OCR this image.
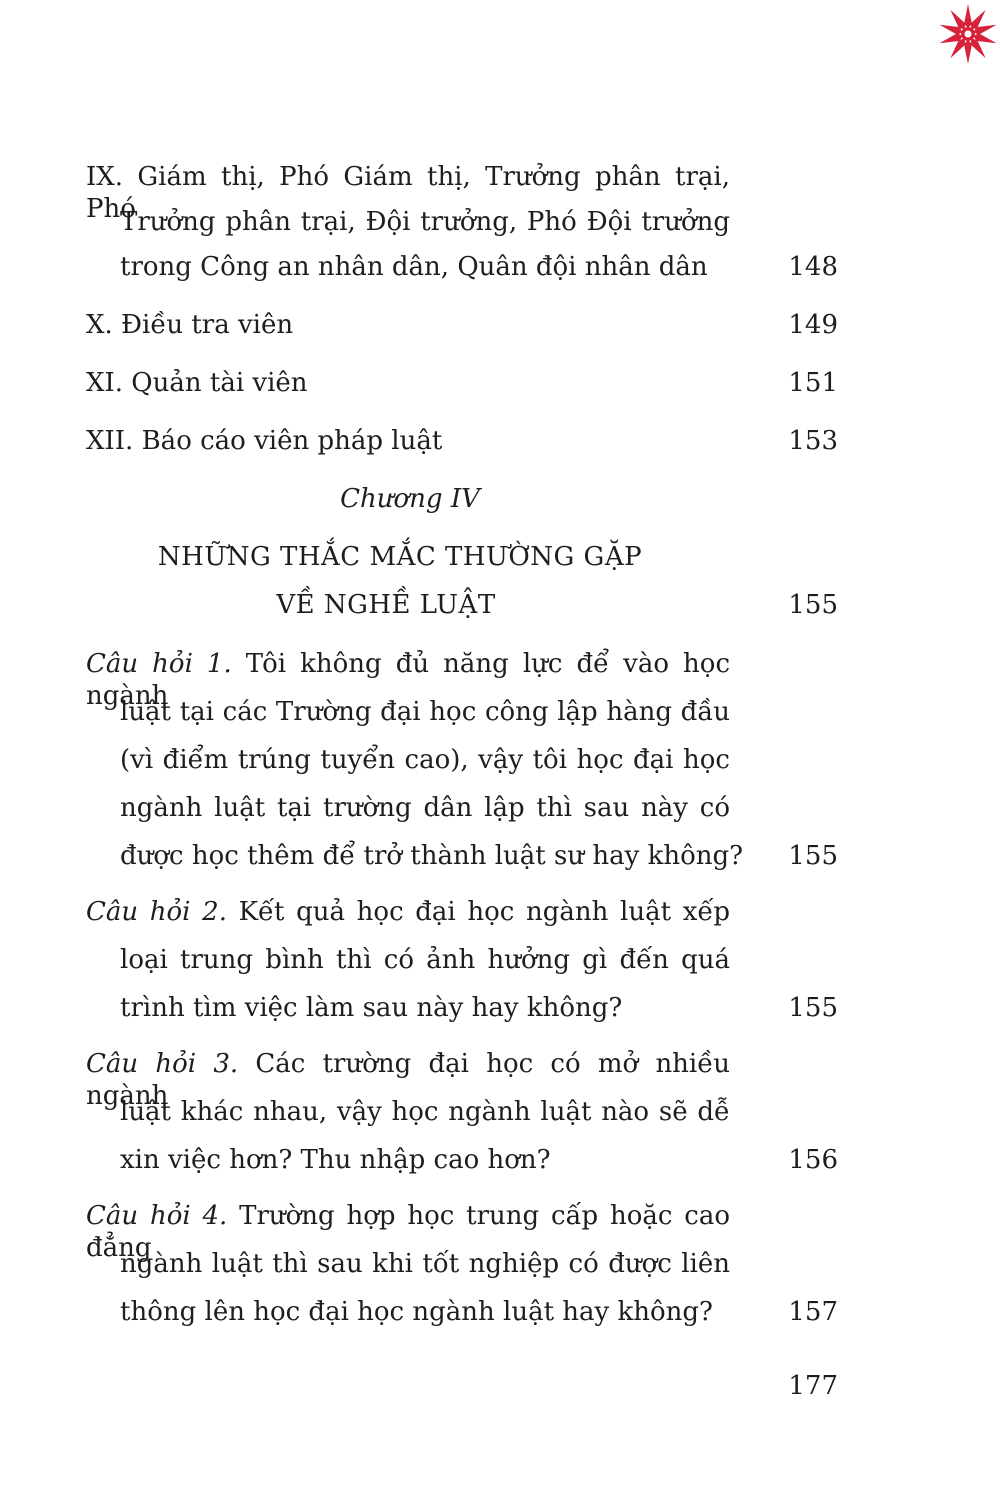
IX. Giám thị, Phó Giám thị, Trưởng phân trại, Phó
Trưởng phân trại, Đội trưởng, Phó Đội trưởng
trong Công an nhân dân, Quân đội nhân dân	148
X. Điều tra viên	149
XI. Quản tài viên	151
XII. Báo cáo viên pháp luật	153
Chương IV
NHỮNG THẮC MẮC THƯỜNG GẶP
VỀ NGHỀ LUẬT	155
Câu hỏi 1. Tôi không đủ năng lực để vào học ngành
luật tại các Trường đại học công lập hàng đầu
(vì điểm trúng tuyển cao), vậy tôi học đại học
ngành luật tại trường dân lập thì sau này có
được học thêm để trở thành luật sư hay không?	155
Câu hỏi 2. Kết quả học đại học ngành luật xếp
loại trung bình thì có ảnh hưởng gì đến quá
trình tìm việc làm sau này hay không?	155
Câu hỏi 3. Các trường đại học có mở nhiều ngành
luật khác nhau, vậy học ngành luật nào sẽ dễ
xin việc hơn? Thu nhập cao hơn?	156
Câu hỏi 4. Trường hợp học trung cấp hoặc cao đẳng
ngành luật thì sau khi tốt nghiệp có được liên
thông lên học đại học ngành luật hay không?	157
177
